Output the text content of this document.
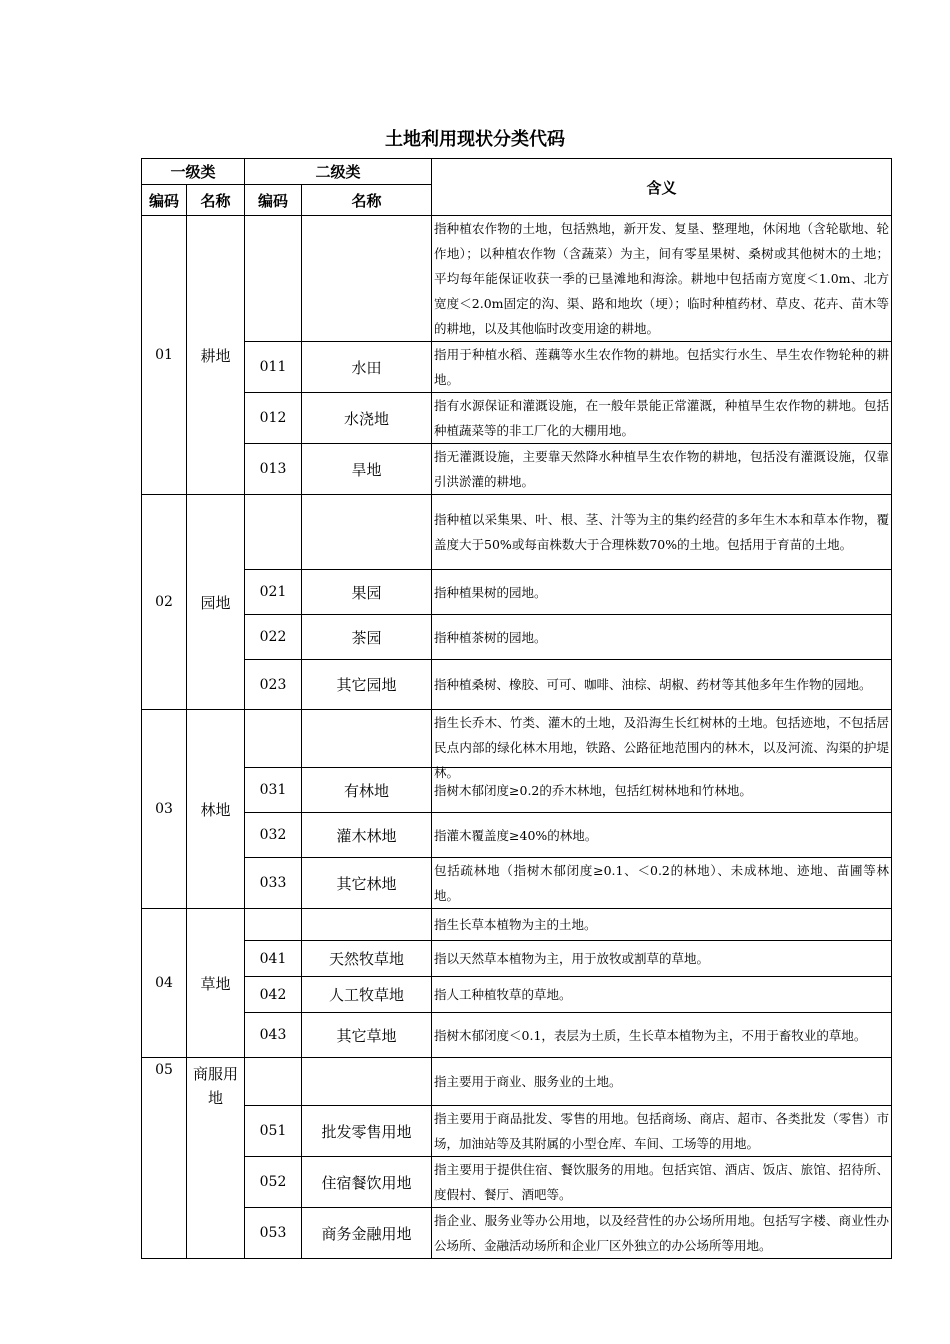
土地利用现状分类代码
一级类		二级类		含义
编码	名称	编码	名称	
01	耕地			指种植农作物的土地，包括熟地，新开发、复垦、整理地，休闲地（含轮歇地、轮作地）；以种植农作物（含蔬菜）为主，间有零星果树、桑树或其他树木的土地；平均每年能保证收获一季的已垦滩地和海涂。耕地中包括南方宽度＜1.0m、北方宽度＜2.0m固定的沟、渠、路和地坎（埂）；临时种植药材、草皮、花卉、苗木等的耕地，以及其他临时改变用途的耕地。
		011	水田	指用于种植水稻、莲藕等水生农作物的耕地。包括实行水生、旱生农作物轮种的耕地。
		012	水浇地	指有水源保证和灌溉设施，在一般年景能正常灌溉，种植旱生农作物的耕地。包括种植蔬菜等的非工厂化的大棚用地。
		013	旱地	指无灌溉设施，主要靠天然降水种植旱生农作物的耕地，包括没有灌溉设施，仅靠引洪淤灌的耕地。
02	园地			指种植以采集果、叶、根、茎、汁等为主的集约经营的多年生木本和草本作物，覆盖度大于50%或每亩株数大于合理株数70%的土地。包括用于育苗的土地。
		021	果园	指种植果树的园地。
		022	茶园	指种植茶树的园地。
		023	其它园地	指种植桑树、橡胶、可可、咖啡、油棕、胡椒、药材等其他多年生作物的园地。
03	林地			指生长乔木、竹类、灌木的土地，及沿海生长红树林的土地。包括迹地，不包括居民点内部的绿化林木用地，铁路、公路征地范围内的林木，以及河流、沟渠的护堤林。

		031	有林地	指树木郁闭度≥0.2的乔木林地，包括红树林地和竹林地。
		032	灌木林地	指灌木覆盖度≥40%的林地。
		033	其它林地	包括疏林地（指树木郁闭度≥0.1、＜0.2的林地）、未成林地、迹地、苗圃等林地。
04	草地			指生长草本植物为主的土地。
		041	天然牧草地	指以天然草本植物为主，用于放牧或割草的草地。
		042	人工牧草地	指人工种植牧草的草地。
		043	其它草地	指树木郁闭度＜0.1，表层为土质，生长草本植物为主，不用于畜牧业的草地。
05	商服用地			指主要用于商业、服务业的土地。
		051	批发零售用地	指主要用于商品批发、零售的用地。包括商场、商店、超市、各类批发（零售）市场，加油站等及其附属的小型仓库、车间、工场等的用地。
		052	住宿餐饮用地	指主要用于提供住宿、餐饮服务的用地。包括宾馆、酒店、饭店、旅馆、招待所、度假村、餐厅、酒吧等。
		053	商务金融用地	指企业、服务业等办公用地，以及经营性的办公场所用地。包括写字楼、商业性办公场所、金融活动场所和企业厂区外独立的办公场所等用地。
